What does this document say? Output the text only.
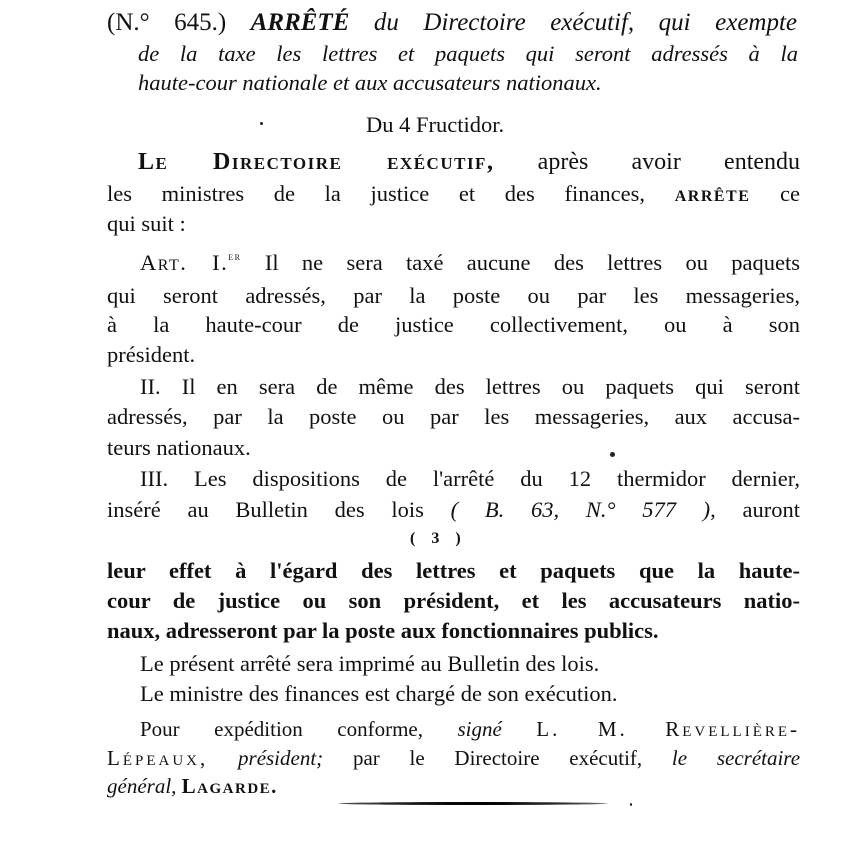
(N.° 645.) ARRÊTÉ du Directoire exécutif, qui exempte
de la taxe les lettres et paquets qui seront adressés à la
haute-cour nationale et aux accusateurs nationaux.
Du 4 Fructidor.
Le Directoire exécutif, après avoir entendu
les ministres de la justice et des finances, arrête ce
qui suit :
Art. I.$^{er}$ Il ne sera taxé aucune des lettres ou paquets
qui seront adressés, par la poste ou par les messageries,
à la haute-cour de justice collectivement, ou à son
président.
II. Il en sera de même des lettres ou paquets qui seront
adressés, par la poste ou par les messageries, aux accusa-
teurs nationaux.
III. Les dispositions de l'arrêté du 12 thermidor dernier,
inséré au Bulletin des lois ( B. 63, N.° 577 ), auront
( 3 )
leur effet à l'égard des lettres et paquets que la haute-
cour de justice ou son président, et les accusateurs natio-
naux, adresseront par la poste aux fonctionnaires publics.
Le présent arrêté sera imprimé au Bulletin des lois.
Le ministre des finances est chargé de son exécution.
Pour expédition conforme, signé L. M. Revellière-
Lépeaux, président; par le Directoire exécutif, le secrétaire
général, Lagarde.
